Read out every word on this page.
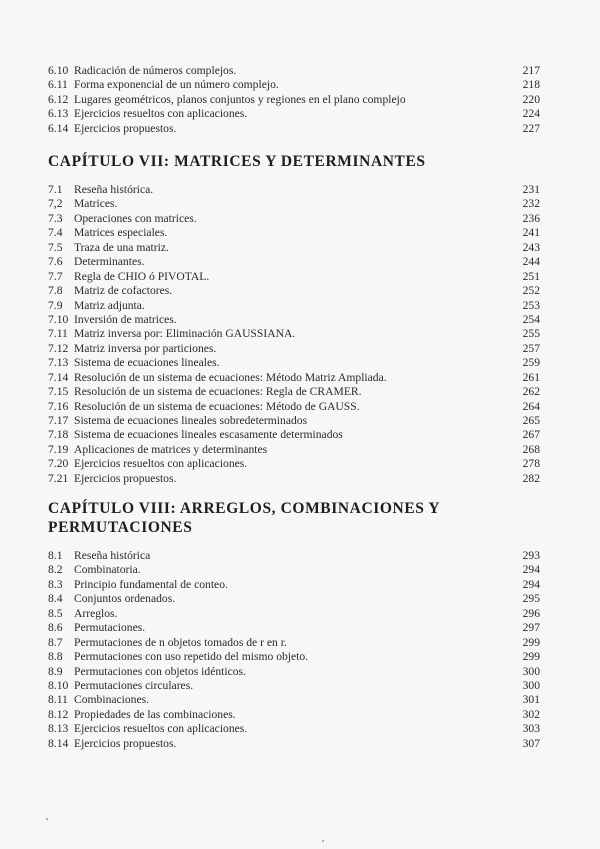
6.10 Radicación de números complejos.	217
6.11 Forma exponencial de un número complejo.	218
6.12 Lugares geométricos, planos conjuntos y regiones en el plano complejo	220
6.13 Ejercicios resueltos con aplicaciones.	224
6.14 Ejercicios propuestos.	227
CAPÍTULO VII: MATRICES Y DETERMINANTES
7.1 Reseña histórica.	231
7,2 Matrices.	232
7.3 Operaciones con matrices.	236
7.4 Matrices especiales.	241
7.5 Traza de una matriz.	243
7.6 Determinantes.	244
7.7 Regla de CHIO ó PIVOTAL.	251
7.8 Matriz de cofactores.	252
7.9 Matriz adjunta.	253
7.10 Inversión de matrices.	254
7.11 Matriz inversa por: Eliminación GAUSSIANA.	255
7.12 Matriz inversa por particiones.	257
7.13 Sistema de ecuaciones lineales.	259
7.14 Resolución de un sistema de ecuaciones: Método Matriz Ampliada.	261
7.15 Resolución de un sistema de ecuaciones: Regla de CRAMER.	262
7.16 Resolución de un sistema de ecuaciones: Método de GAUSS.	264
7.17 Sistema de ecuaciones lineales sobredeterminados	265
7.18 Sistema de ecuaciones lineales escasamente determinados	267
7.19 Aplicaciones de matrices y determinantes	268
7.20 Ejercicios resueltos con aplicaciones.	278
7.21 Ejercicios propuestos.	282
CAPÍTULO VIII: ARREGLOS, COMBINACIONES Y
PERMUTACIONES
8.1 Reseña histórica	293
8.2 Combinatoria.	294
8.3 Principio fundamental de conteo.	294
8.4 Conjuntos ordenados.	295
8.5 Arreglos.	296
8.6 Permutaciones.	297
8.7 Permutaciones de n objetos tomados de r en r.	299
8.8 Permutaciones con uso repetido del mismo objeto.	299
8.9 Permutaciones con objetos idénticos.	300
8.10 Permutaciones circulares.	300
8.11 Combinaciones.	301
8.12 Propiedades de las combinaciones.	302
8.13 Ejercicios resueltos con aplicaciones.	303
8.14 Ejercicios propuestos.	307
